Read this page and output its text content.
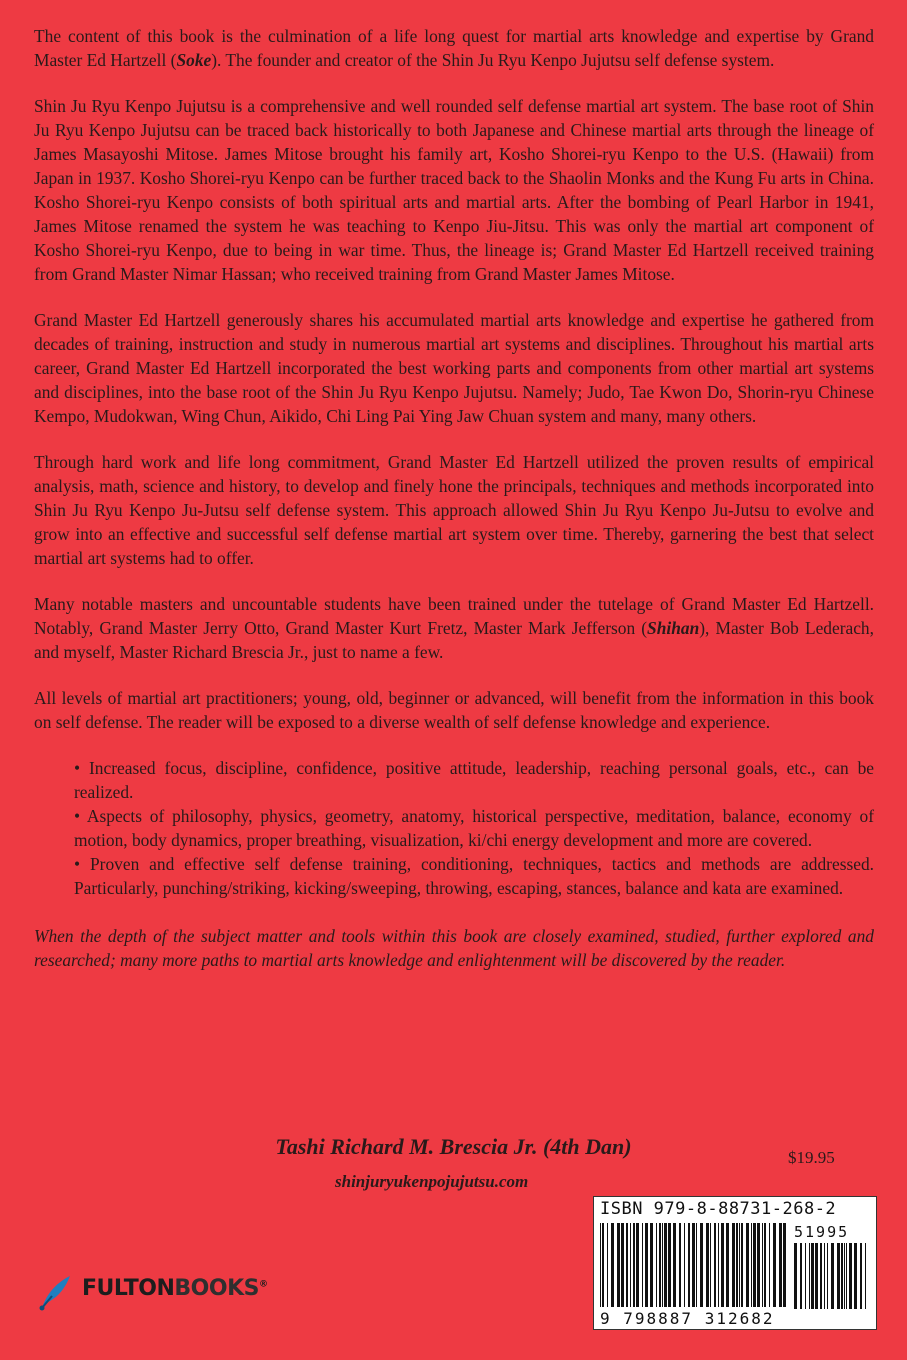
The content of this book is the culmination of a life long quest for martial arts knowledge and expertise by Grand Master Ed Hartzell (Soke). The founder and creator of the Shin Ju Ryu Kenpo Jujutsu self defense system.

Shin Ju Ryu Kenpo Jujutsu is a comprehensive and well rounded self defense martial art system. The base root of Shin Ju Ryu Kenpo Jujutsu can be traced back historically to both Japanese and Chinese martial arts through the lineage of James Masayoshi Mitose. James Mitose brought his family art, Kosho Shorei-ryu Kenpo to the U.S. (Hawaii) from Japan in 1937. Kosho Shorei-ryu Kenpo can be further traced back to the Shaolin Monks and the Kung Fu arts in China. Kosho Shorei-ryu Kenpo consists of both spiritual arts and martial arts. After the bombing of Pearl Harbor in 1941, James Mitose renamed the system he was teaching to Kenpo Jiu-Jitsu. This was only the martial art component of Kosho Shorei-ryu Kenpo, due to being in war time. Thus, the lineage is; Grand Master Ed Hartzell received training from Grand Master Nimar Hassan; who received training from Grand Master James Mitose.

Grand Master Ed Hartzell generously shares his accumulated martial arts knowledge and expertise he gathered from decades of training, instruction and study in numerous martial art systems and disciplines. Throughout his martial arts career, Grand Master Ed Hartzell incorporated the best working parts and components from other martial art systems and disciplines, into the base root of the Shin Ju Ryu Kenpo Jujutsu. Namely; Judo, Tae Kwon Do, Shorin-ryu Chinese Kempo, Mudokwan, Wing Chun, Aikido, Chi Ling Pai Ying Jaw Chuan system and many, many others.

Through hard work and life long commitment, Grand Master Ed Hartzell utilized the proven results of empirical analysis, math, science and history, to develop and finely hone the principals, techniques and methods incorporated into Shin Ju Ryu Kenpo Ju-Jutsu self defense system. This approach allowed Shin Ju Ryu Kenpo Ju-Jutsu to evolve and grow into an effective and successful self defense martial art system over time. Thereby, garnering the best that select martial art systems had to offer.

Many notable masters and uncountable students have been trained under the tutelage of Grand Master Ed Hartzell. Notably, Grand Master Jerry Otto, Grand Master Kurt Fretz, Master Mark Jefferson (Shihan), Master Bob Lederach, and myself, Master Richard Brescia Jr., just to name a few.

All levels of martial art practitioners; young, old, beginner or advanced, will benefit from the information in this book on self defense. The reader will be exposed to a diverse wealth of self defense knowledge and experience.

• Increased focus, discipline, confidence, positive attitude, leadership, reaching personal goals, etc., can be realized.
• Aspects of philosophy, physics, geometry, anatomy, historical perspective, meditation, balance, economy of motion, body dynamics, proper breathing, visualization, ki/chi energy development and more are covered.
• Proven and effective self defense training, conditioning, techniques, tactics and methods are addressed. Particularly, punching/striking, kicking/sweeping, throwing, escaping, stances, balance and kata are examined.

When the depth of the subject matter and tools within this book are closely examined, studied, further explored and researched; many more paths to martial arts knowledge and enlightenment will be discovered by the reader.

Tashi Richard M. Brescia Jr. (4th Dan)
shinjuryukenpojujutsu.com
$19.95
ISBN 979-8-88731-268-2
51995
9 798887 312682
FULTONBOOKS®
